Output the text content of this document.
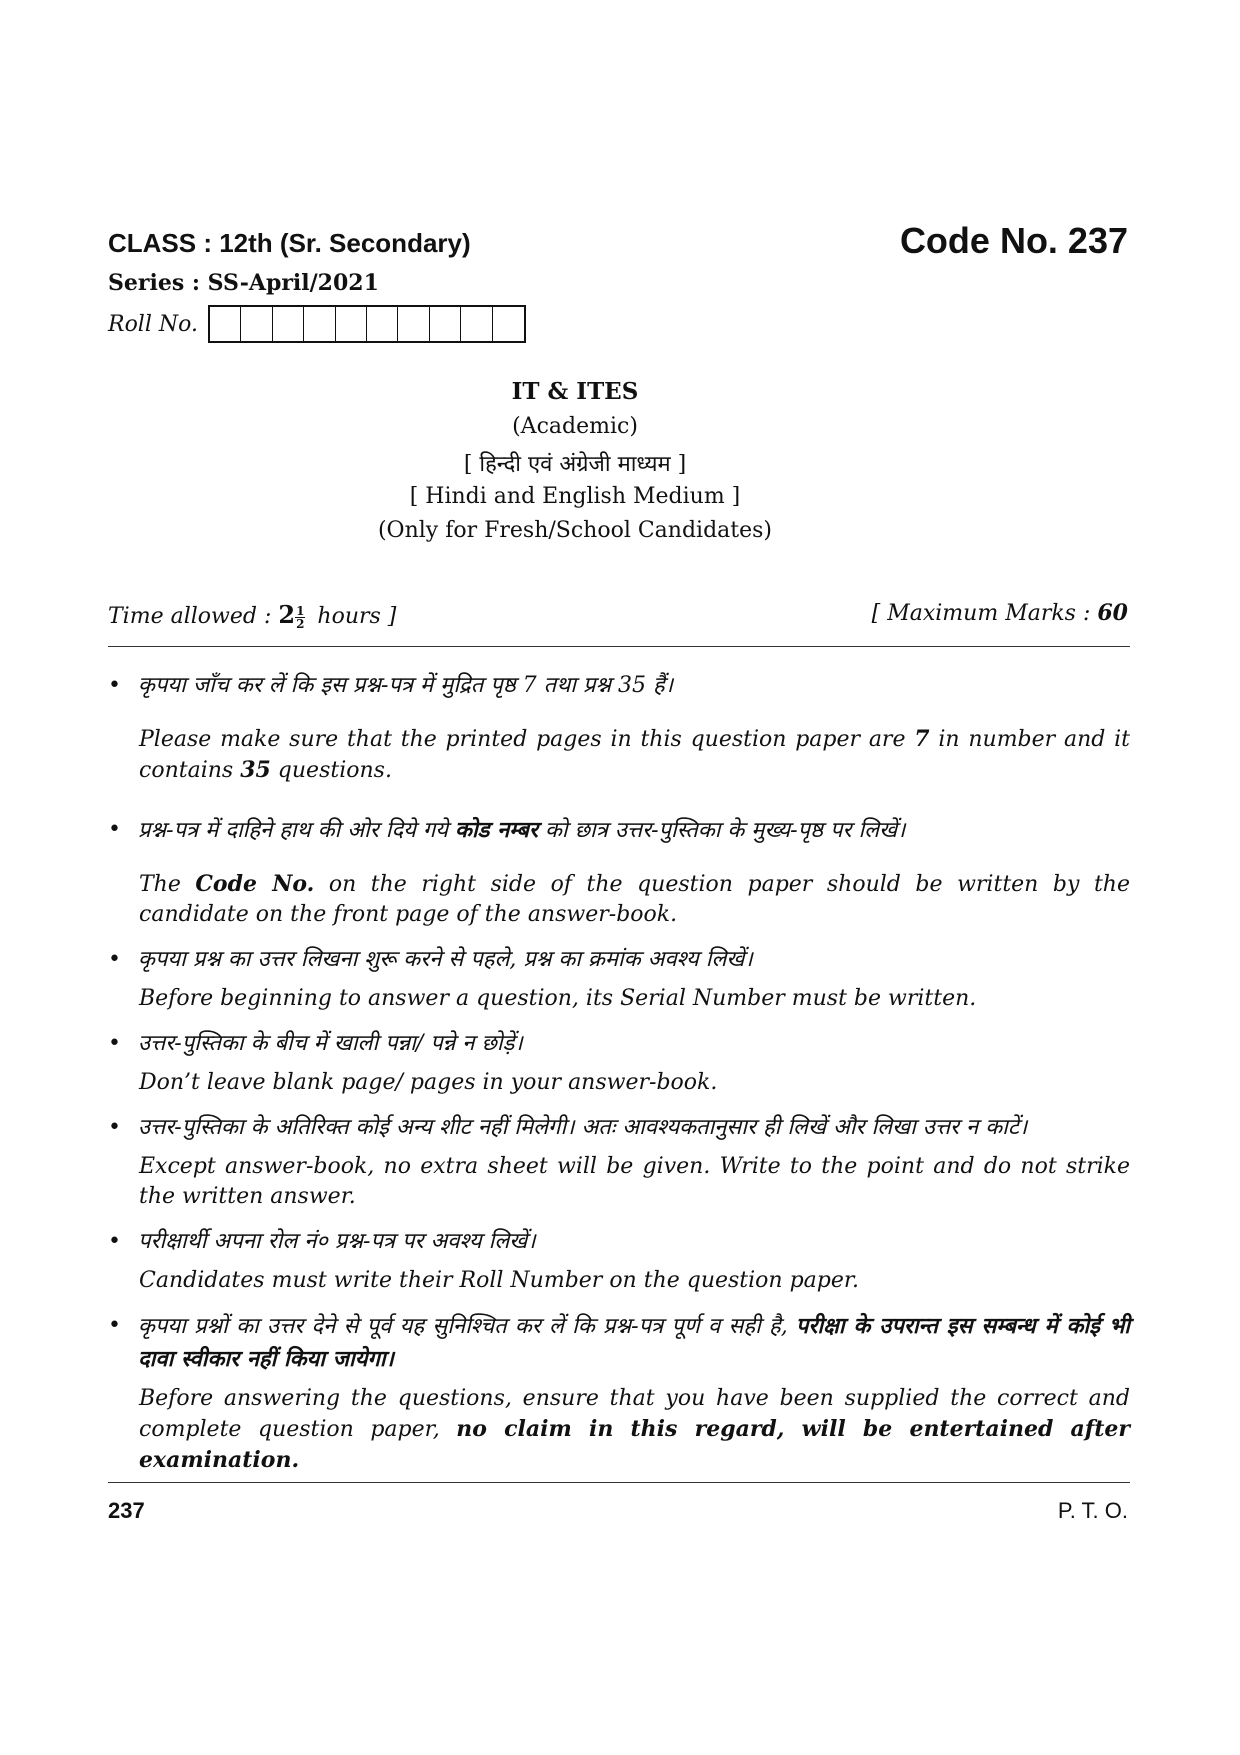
CLASS : 12th (Sr. Secondary)	Code No. 237
Series : SS-April/2021
Roll No.
IT & ITES
(Academic)
[ हिन्दी एवं अंग्रेजी माध्यम ]
[ Hindi and English Medium ]
(Only for Fresh/School Candidates)
Time allowed : $2 \frac{1}{2}$ hours ]	[ Maximum Marks : 60
• कृपया जाँच कर लें कि इस प्रश्न-पत्र में मुद्रित पृष्ठ 7 तथा प्रश्न 35 हैं।
Please make sure that the printed pages in this question paper are 7 in number and it contains 35 questions.
• प्रश्न-पत्र में दाहिने हाथ की ओर दिये गये कोड नम्बर को छात्र उत्तर-पुस्तिका के मुख्य-पृष्ठ पर लिखें।
The Code No. on the right side of the question paper should be written by the candidate on the front page of the answer-book.
• कृपया प्रश्न का उत्तर लिखना शुरू करने से पहले, प्रश्न का क्रमांक अवश्य लिखें।
Before beginning to answer a question, its Serial Number must be written.
• उत्तर-पुस्तिका के बीच में खाली पन्ना/ पन्ने न छोड़ें।
Don’t leave blank page/ pages in your answer-book.
• उत्तर-पुस्तिका के अतिरिक्त कोई अन्य शीट नहीं मिलेगी। अतः आवश्यकतानुसार ही लिखें और लिखा उत्तर न काटें।
Except answer-book, no extra sheet will be given. Write to the point and do not strike the written answer.
• परीक्षार्थी अपना रोल नं० प्रश्न-पत्र पर अवश्य लिखें।
Candidates must write their Roll Number on the question paper.
• कृपया प्रश्नों का उत्तर देने से पूर्व यह सुनिश्चित कर लें कि प्रश्न-पत्र पूर्ण व सही है, परीक्षा के उपरान्त इस सम्बन्ध में कोई भी दावा स्वीकार नहीं किया जायेगा।
Before answering the questions, ensure that you have been supplied the correct and complete question paper, no claim in this regard, will be entertained after examination.
237	P. T. O.
